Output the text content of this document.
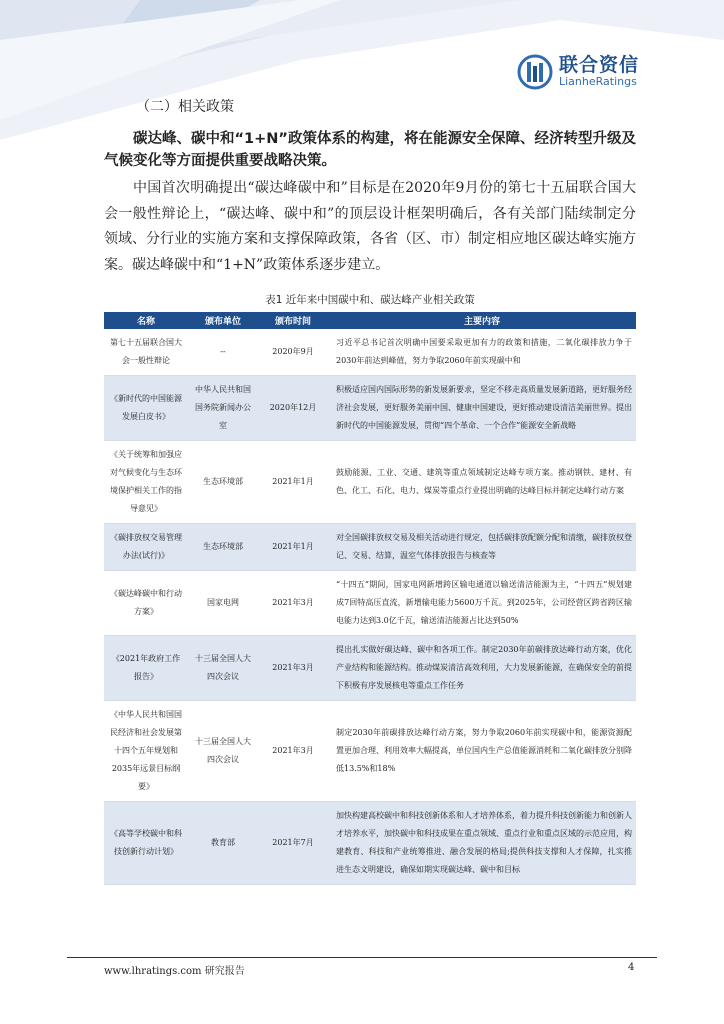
联合资信
LianheRatings

（二）相关政策

碳达峰、碳中和“1+N”政策体系的构建，将在能源安全保障、经济转型升级及气候变化等方面提供重要战略决策。

中国首次明确提出“碳达峰碳中和”目标是在2020年9月份的第七十五届联合国大会一般性辩论上，“碳达峰、碳中和”的顶层设计框架明确后，各有关部门陆续制定分领域、分行业的实施方案和支撑保障政策，各省（区、市）制定相应地区碳达峰实施方案。碳达峰碳中和“1+N”政策体系逐步建立。

表1 近年来中国碳中和、碳达峰产业相关政策
名称	颁布单位	颁布时间	主要内容
第七十五届联合国大会一般性辩论	--	2020年9月	习近平总书记首次明确中国要采取更加有力的政策和措施，二氧化碳排放力争于2030年前达到峰值，努力争取2060年前实现碳中和
《新时代的中国能源发展白皮书》	中华人民共和国国务院新闻办公室	2020年12月	积极适应国内国际形势的新发展新要求，坚定不移走高质量发展新道路，更好服务经济社会发展，更好服务美丽中国、健康中国建设，更好推动建设清洁美丽世界。提出新时代的中国能源发展，贯彻“四个革命、一个合作”能源安全新战略
《关于统筹和加强应对气候变化与生态环境保护相关工作的指导意见》	生态环境部	2021年1月	鼓励能源、工业、交通、建筑等重点领域制定达峰专项方案。推动钢铁、建材、有色、化工、石化、电力、煤炭等重点行业提出明确的达峰目标并制定达峰行动方案
《碳排放权交易管理办法(试行)》	生态环境部	2021年1月	对全国碳排放权交易及相关活动进行规定，包括碳排放配额分配和清缴，碳排放权登记、交易、结算，温室气体排放报告与核查等
《碳达峰碳中和行动方案》	国家电网	2021年3月	“十四五”期间，国家电网新增跨区输电通道以输送清洁能源为主，“十四五”规划建成7回特高压直流，新增输电能力5600万千瓦。到2025年，公司经营区跨省跨区输电能力达到3.0亿千瓦，输送清洁能源占比达到50%
《2021年政府工作报告》	十三届全国人大四次会议	2021年3月	提出扎实做好碳达峰、碳中和各项工作。制定2030年前碳排放达峰行动方案，优化产业结构和能源结构。推动煤炭清洁高效利用，大力发展新能源，在确保安全的前提下积极有序发展核电等重点工作任务
《中华人民共和国国民经济和社会发展第十四个五年规划和2035年远景目标纲要》	十三届全国人大四次会议	2021年3月	制定2030年前碳排放达峰行动方案，努力争取2060年前实现碳中和，能源资源配置更加合理、利用效率大幅提高，单位国内生产总值能源消耗和二氧化碳排放分别降低13.5%和18%
《高等学校碳中和科技创新行动计划》	教育部	2021年7月	加快构建高校碳中和科技创新体系和人才培养体系，着力提升科技创新能力和创新人才培养水平，加快碳中和科技成果在重点领域、重点行业和重点区域的示范应用，构建教育、科技和产业统筹推进、融合发展的格局;提供科技支撑和人才保障，扎实推进生态文明建设，确保如期实现碳达峰、碳中和目标
www.lhratings.com 研究报告	4
